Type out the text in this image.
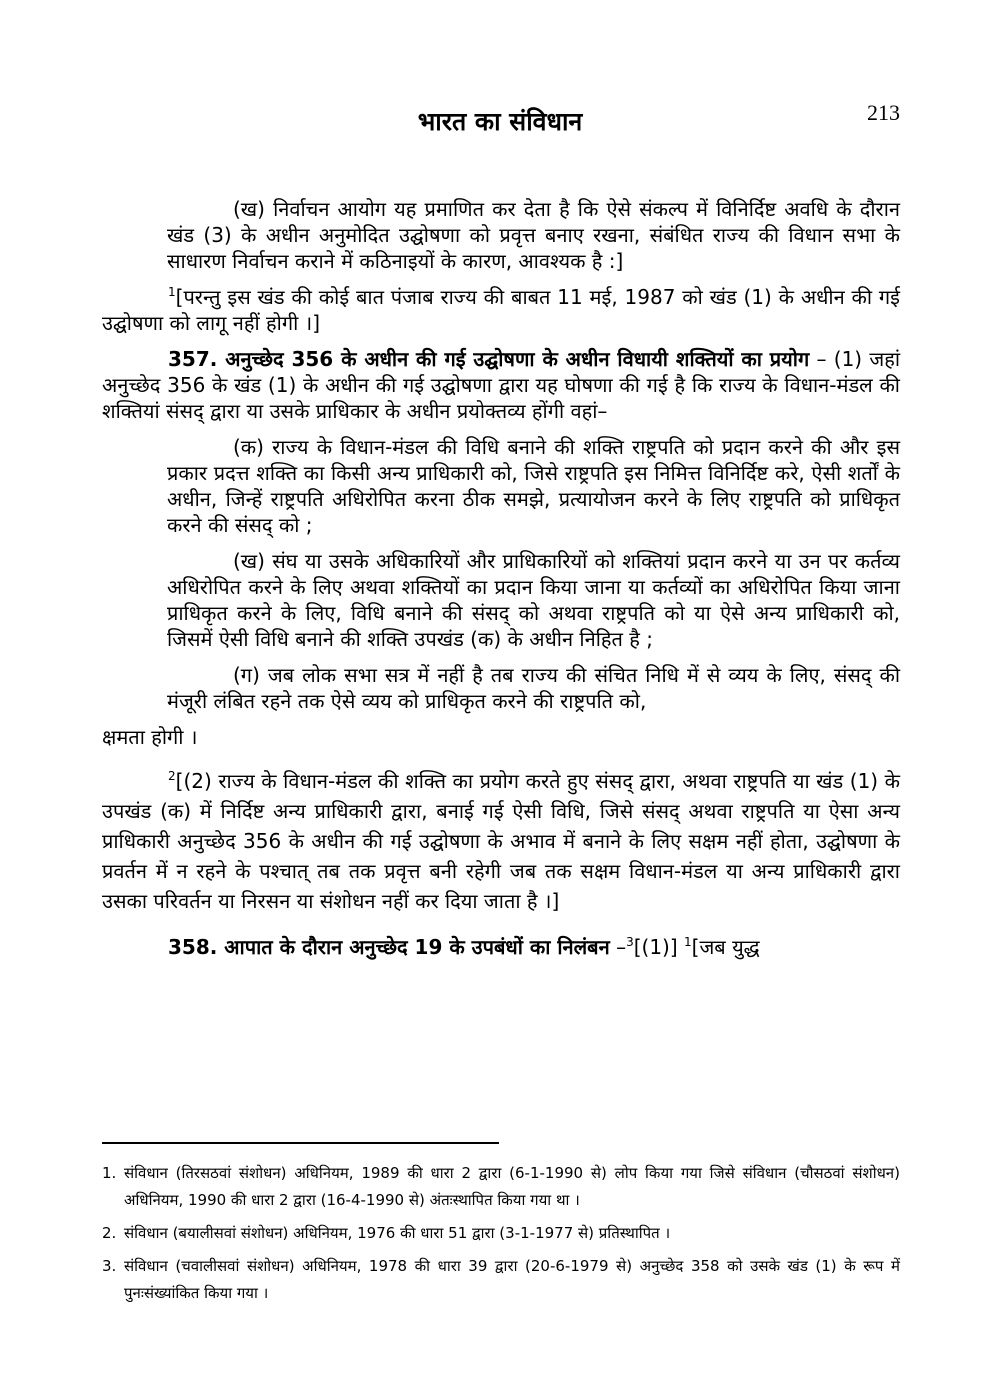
भारत का संविधान	213

(ख) निर्वाचन आयोग यह प्रमाणित कर देता है कि ऐसे संकल्प में विनिर्दिष्ट अवधि के दौरान खंड (3) के अधीन अनुमोदित उद्घोषणा को प्रवृत्त बनाए रखना, संबंधित राज्य की विधान सभा के साधारण निर्वाचन कराने में कठिनाइयों के कारण, आवश्यक है :]

$^1$[परन्तु इस खंड की कोई बात पंजाब राज्य की बाबत 11 मई, 1987 को खंड (1) के अधीन की गई उद्घोषणा को लागू नहीं होगी ।]

357. अनुच्छेद 356 के अधीन की गई उद्घोषणा के अधीन विधायी शक्तियों का प्रयोग – (1) जहां अनुच्छेद 356 के खंड (1) के अधीन की गई उद्घोषणा द्वारा यह घोषणा की गई है कि राज्य के विधान-मंडल की शक्तियां संसद् द्वारा या उसके प्राधिकार के अधीन प्रयोक्तव्य होंगी वहां–

(क) राज्य के विधान-मंडल की विधि बनाने की शक्ति राष्ट्रपति को प्रदान करने की और इस प्रकार प्रदत्त शक्ति का किसी अन्य प्राधिकारी को, जिसे राष्ट्रपति इस निमित्त विनिर्दिष्ट करे, ऐसी शर्तों के अधीन, जिन्हें राष्ट्रपति अधिरोपित करना ठीक समझे, प्रत्यायोजन करने के लिए राष्ट्रपति को प्राधिकृत करने की संसद् को ;

(ख) संघ या उसके अधिकारियों और प्राधिकारियों को शक्तियां प्रदान करने या उन पर कर्तव्य अधिरोपित करने के लिए अथवा शक्तियों का प्रदान किया जाना या कर्तव्यों का अधिरोपित किया जाना प्राधिकृत करने के लिए, विधि बनाने की संसद् को अथवा राष्ट्रपति को या ऐसे अन्य प्राधिकारी को, जिसमें ऐसी विधि बनाने की शक्ति उपखंड (क) के अधीन निहित है ;

(ग) जब लोक सभा सत्र में नहीं है तब राज्य की संचित निधि में से व्यय के लिए, संसद् की मंजूरी लंबित रहने तक ऐसे व्यय को प्राधिकृत करने की राष्ट्रपति को,

क्षमता होगी ।

$^2$[(2) राज्य के विधान-मंडल की शक्ति का प्रयोग करते हुए संसद् द्वारा, अथवा राष्ट्रपति या खंड (1) के उपखंड (क) में निर्दिष्ट अन्य प्राधिकारी द्वारा, बनाई गई ऐसी विधि, जिसे संसद् अथवा राष्ट्रपति या ऐसा अन्य प्राधिकारी अनुच्छेद 356 के अधीन की गई उद्घोषणा के अभाव में बनाने के लिए सक्षम नहीं होता, उद्घोषणा के प्रवर्तन में न रहने के पश्चात् तब तक प्रवृत्त बनी रहेगी जब तक सक्षम विधान-मंडल या अन्य प्राधिकारी द्वारा उसका परिवर्तन या निरसन या संशोधन नहीं कर दिया जाता है ।]

358. आपात के दौरान अनुच्छेद 19 के उपबंधों का निलंबन –$^3$[(1)] $^1$[जब युद्ध

1. संविधान (तिरसठवां संशोधन) अधिनियम, 1989 की धारा 2 द्वारा (6-1-1990 से) लोप किया गया जिसे संविधान (चौसठवां संशोधन) अधिनियम, 1990 की धारा 2 द्वारा (16-4-1990 से) अंतःस्थापित किया गया था ।
2. संविधान (बयालीसवां संशोधन) अधिनियम, 1976 की धारा 51 द्वारा (3-1-1977 से) प्रतिस्थापित ।
3. संविधान (चवालीसवां संशोधन) अधिनियम, 1978 की धारा 39 द्वारा (20-6-1979 से) अनुच्छेद 358 को उसके खंड (1) के रूप में पुनःसंख्यांकित किया गया ।
